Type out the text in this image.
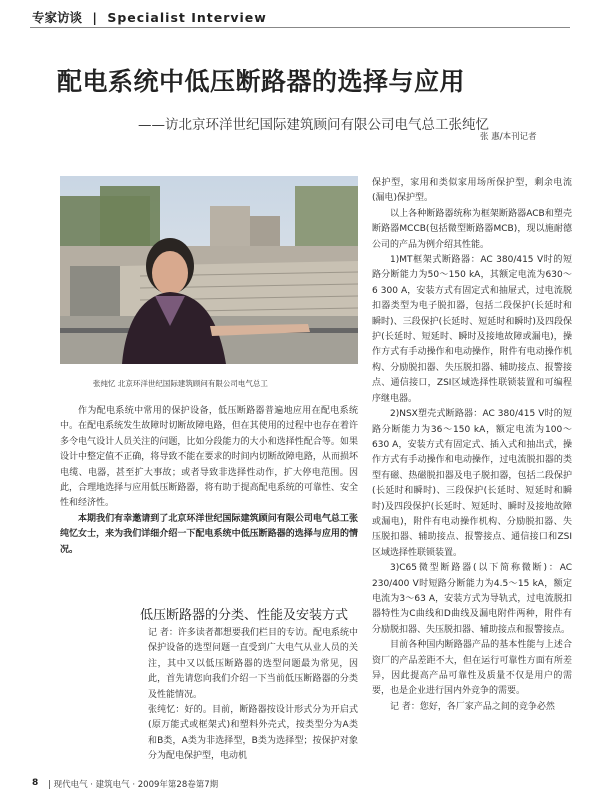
专家访谈 | Specialist Interview
配电系统中低压断路器的选择与应用
——访北京环洋世纪国际建筑顾问有限公司电气总工张纯忆
张 惠/本刊记者
张纯忆 北京环洋世纪国际建筑顾问有限公司电气总工

作为配电系统中常用的保护设备，低压断路器普遍地应用在配电系统中。在配电系统发生故障时切断故障电路，但在其使用的过程中也存在着许多令电气设计人员关注的问题，比如分段能力的大小和选择性配合等。如果设计中整定值不正确，将导致不能在要求的时间内切断故障电路，从而损坏电缆、电器，甚至扩大事故；或者导致非选择性动作，扩大停电范围。因此，合理地选择与应用低压断路器，将有助于提高配电系统的可靠性、安全性和经济性。

本期我们有幸邀请到了北京环洋世纪国际建筑顾问有限公司电气总工张纯忆女士，来为我们详细介绍一下配电系统中低压断路器的选择与应用的情况。

低压断路器的分类、性能及安装方式

记 者：许多读者都想要我们栏目的专访。配电系统中保护设备的选型问题一直受到广大电气从业人员的关注，其中又以低压断路器的选型问题最为常见，因此，首先请您向我们介绍一下当前低压断路器的分类及性能情况。

张纯忆：好的。目前，断路器按设计形式分为开启式(原万能式或框架式)和塑料外壳式，按类型分为A类和B类，A类为非选择型，B类为选择型；按保护对象分为配电保护型，电动机

保护型，家用和类似家用场所保护型，剩余电流(漏电)保护型。

以上各种断路器统称为框架断路器ACB和塑壳断路器MCCB(包括微型断路器MCB)，现以施耐德公司的产品为例介绍其性能。

1)MT框架式断路器：AC 380/415 V时的短路分断能力为50～150 kA，其额定电流为630～6 300 A，安装方式有固定式和抽屉式，过电流脱扣器类型为电子脱扣器，包括二段保护(长延时和瞬时)、三段保护(长延时、短延时和瞬时)及四段保护(长延时、短延时、瞬时及接地故障或漏电)，操作方式有手动操作和电动操作，附件有电动操作机构、分励脱扣器、失压脱扣器、辅助接点、报警接点、通信接口，ZSI区域选择性联锁装置和可编程序继电器。

2)NSX塑壳式断路器：AC 380/415 V时的短路分断能力为36～150 kA，额定电流为100～630 A，安装方式有固定式、插入式和抽出式，操作方式有手动操作和电动操作，过电流脱扣器的类型有磁、热磁脱扣器及电子脱扣器，包括二段保护(长延时和瞬时)、三段保护(长延时、短延时和瞬时)及四段保护(长延时、短延时、瞬时及接地故障或漏电)，附件有电动操作机构、分励脱扣器、失压脱扣器、辅助接点、报警接点、通信接口和ZSI区域选择性联锁装置。

3)C65微型断路器(以下简称微断)：AC 230/400 V时短路分断能力为4.5～15 kA，额定电流为3～63 A，安装方式为导轨式，过电流脱扣器特性为C曲线和D曲线及漏电附件两种，附件有分励脱扣器、失压脱扣器、辅助接点和报警接点。

目前各种国内断路器产品的基本性能与上述合资厂的产品差距不大，但在运行可靠性方面有所差异，因此提高产品可靠性及质量不仅是用户的需要，也是企业进行国内外竞争的需要。

记 者：您好，各厂家产品之间的竞争必然

8 | 现代电气 · 建筑电气 · 2009年第28卷第7期
